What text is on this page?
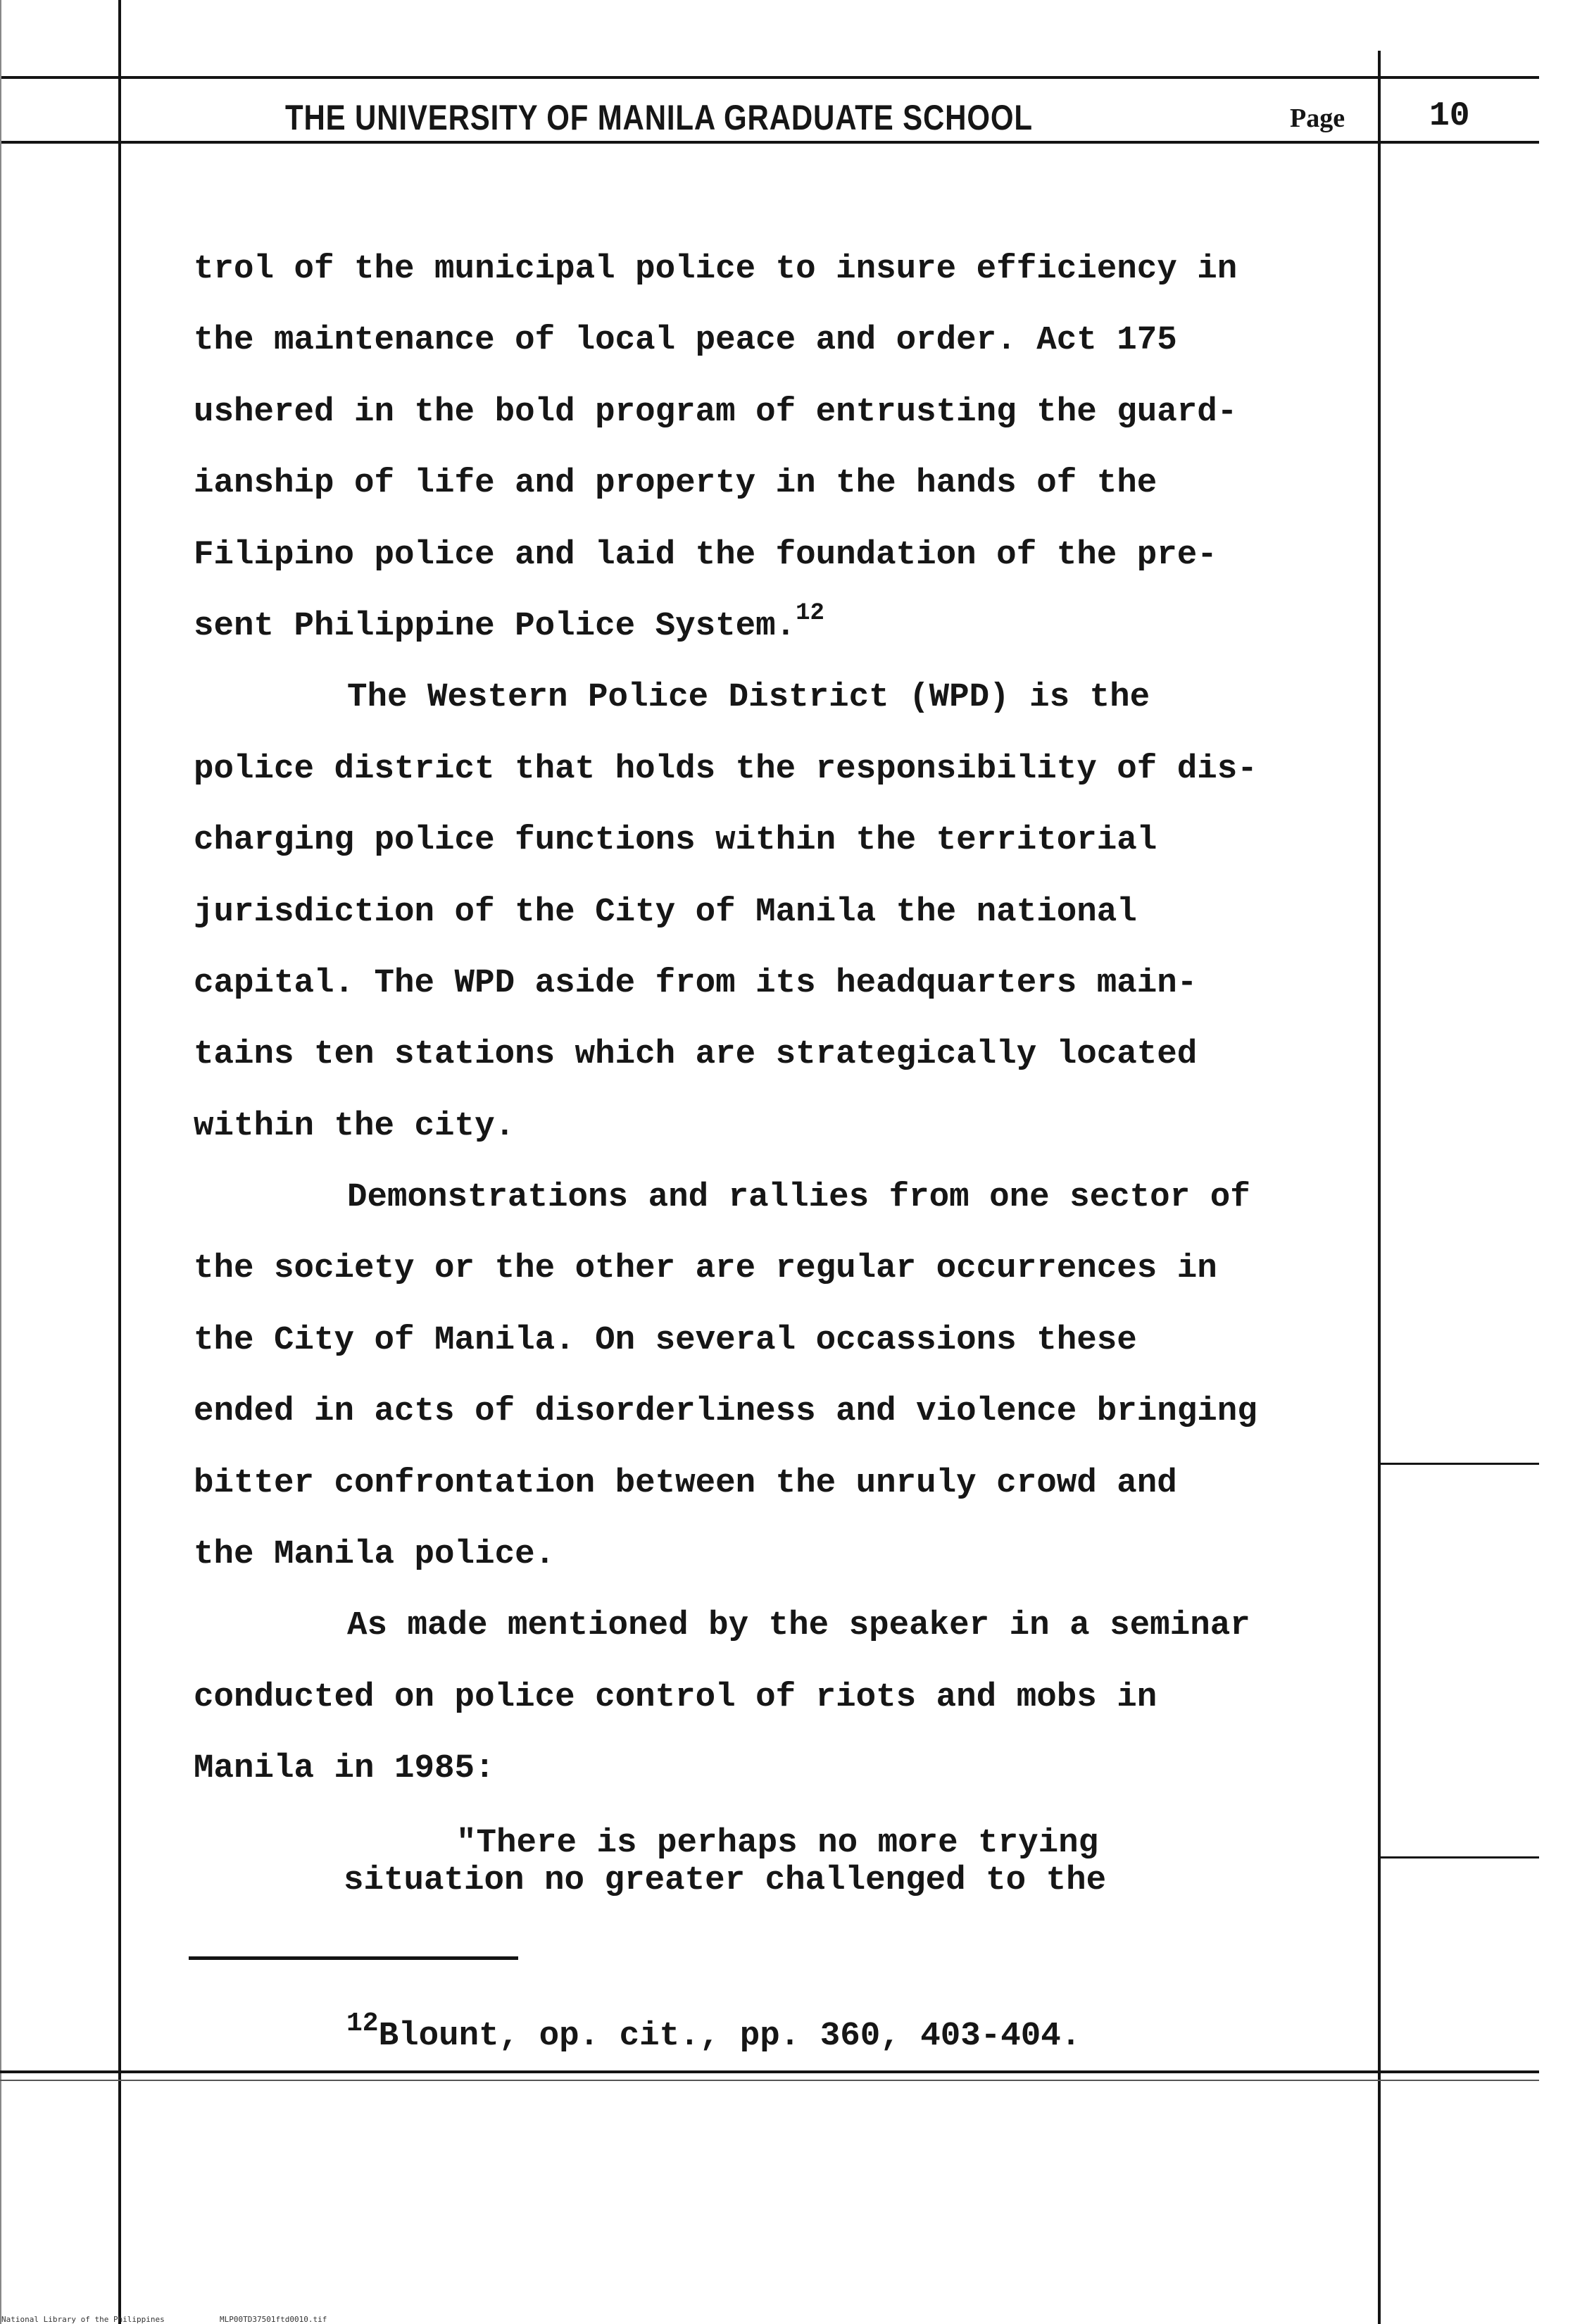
THE UNIVERSITY OF MANILA GRADUATE SCHOOL	Page 10
trol of the municipal police to insure efficiency in
the maintenance of local peace and order. Act 175
ushered in the bold program of entrusting the guard-
ianship of life and property in the hands of the
Filipino police and laid the foundation of the pre-
sent Philippine Police System.$^{12}$
The Western Police District (WPD) is the
police district that holds the responsibility of dis-
charging police functions within the territorial
jurisdiction of the City of Manila the national
capital. The WPD aside from its headquarters main-
tains ten stations which are strategically located
within the city.
Demonstrations and rallies from one sector of
the society or the other are regular occurrences in
the City of Manila. On several occassions these
ended in acts of disorderliness and violence bringing
bitter confrontation between the unruly crowd and
the Manila police.
As made mentioned by the speaker in a seminar
conducted on police control of riots and mobs in
Manila in 1985:
"There is perhaps no more trying
situation no greater challenged to the
$^{12}$Blount, op. cit., pp. 360, 403-404.
National Library of the Philippines	MLP00TD37501ftd0010.tif
